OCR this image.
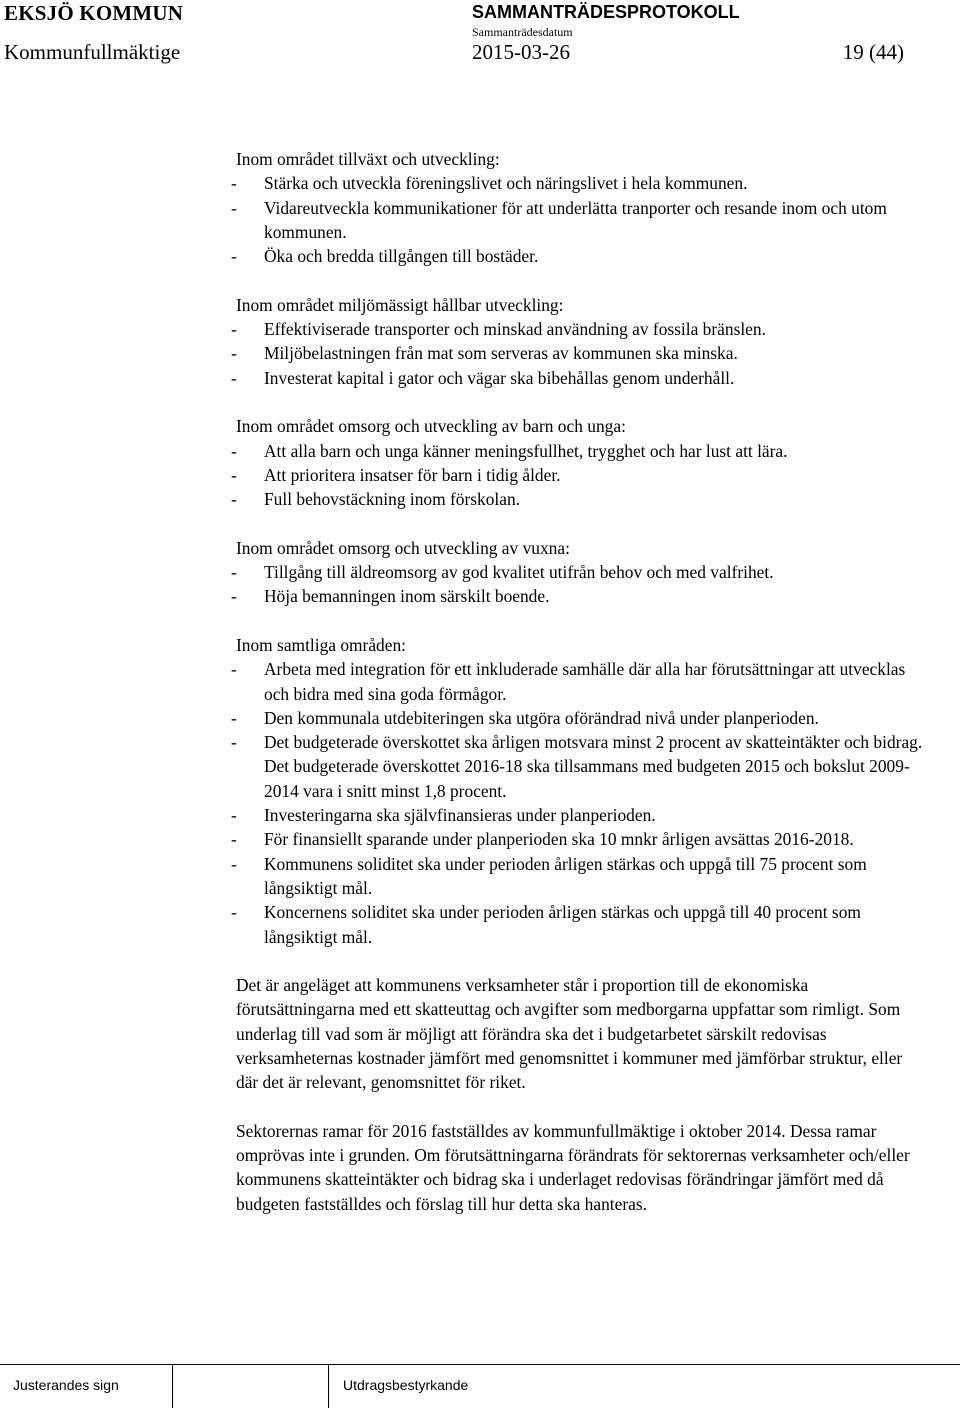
EKSJÖ KOMMUN	SAMMANTRÄDESPROTOKOLL
Sammanträdesdatum
Kommunfullmäktige	2015-03-26	19 (44)
Inom området tillväxt och utveckling:
- Stärka och utveckla föreningslivet och näringslivet i hela kommunen.
- Vidareutveckla kommunikationer för att underlätta tranporter och resande inom och utom kommunen.
- Öka och bredda tillgången till bostäder.
Inom området miljömässigt hållbar utveckling:
- Effektiviserade transporter och minskad användning av fossila bränslen.
- Miljöbelastningen från mat som serveras av kommunen ska minska.
- Investerat kapital i gator och vägar ska bibehållas genom underhåll.
Inom området omsorg och utveckling av barn och unga:
- Att alla barn och unga känner meningsfullhet, trygghet och har lust att lära.
- Att prioritera insatser för barn i tidig ålder.
- Full behovstäckning inom förskolan.
Inom området omsorg och utveckling av vuxna:
- Tillgång till äldreomsorg av god kvalitet utifrån behov och med valfrihet.
- Höja bemanningen inom särskilt boende.
Inom samtliga områden:
- Arbeta med integration för ett inkluderade samhälle där alla har förutsättningar att utvecklas och bidra med sina goda förmågor.
- Den kommunala utdebiteringen ska utgöra oförändrad nivå under planperioden.
- Det budgeterade överskottet ska årligen motsvara minst 2 procent av skatteintäkter och bidrag. Det budgeterade överskottet 2016-18 ska tillsammans med budgeten 2015 och bokslut 2009-2014 vara i snitt minst 1,8 procent.
- Investeringarna ska självfinansieras under planperioden.
- För finansiellt sparande under planperioden ska 10 mnkr årligen avsättas 2016-2018.
- Kommunens soliditet ska under perioden årligen stärkas och uppgå till 75 procent som långsiktigt mål.
- Koncernens soliditet ska under perioden årligen stärkas och uppgå till 40 procent som långsiktigt mål.

Det är angeläget att kommunens verksamheter står i proportion till de ekonomiska förutsättningarna med ett skatteuttag och avgifter som medborgarna uppfattar som rimligt. Som underlag till vad som är möjligt att förändra ska det i budgetarbetet särskilt redovisas verksamheternas kostnader jämfört med genomsnittet i kommuner med jämförbar struktur, eller där det är relevant, genomsnittet för riket.

Sektorernas ramar för 2016 fastställdes av kommunfullmäktige i oktober 2014. Dessa ramar omprövas inte i grunden. Om förutsättningarna förändrats för sektorernas verksamheter och/eller kommunens skatteintäkter och bidrag ska i underlaget redovisas förändringar jämfört med då budgeten fastställdes och förslag till hur detta ska hanteras.

Justerandes sign	Utdragsbestyrkande
